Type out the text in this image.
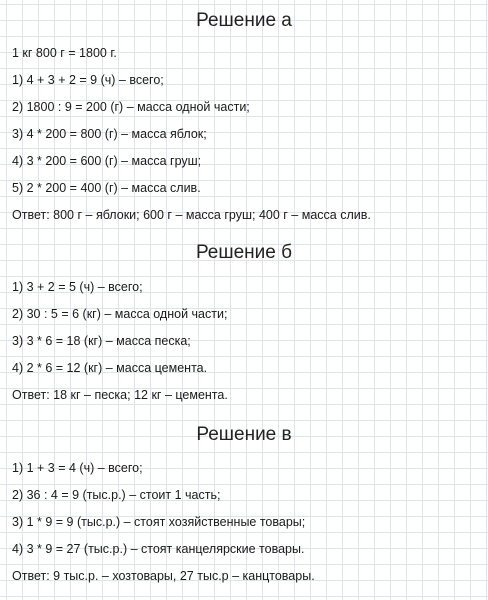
Решение а

1 кг 800 г = 1800 г.

1) 4 + 3 + 2 = 9 (ч) – всего;

2) 1800 : 9 = 200 (г) – масса одной части;

3) 4 * 200 = 800 (г) – масса яблок;

4) 3 * 200 = 600 (г) – масса груш;

5) 2 * 200 = 400 (г) – масса слив.

Ответ: 800 г – яблоки; 600 г – масса груш; 400 г – масса слив.

Решение б

1) 3 + 2 = 5 (ч) – всего;

2) 30 : 5 = 6 (кг) – масса одной части;

3) 3 * 6 = 18 (кг) – масса песка;

4) 2 * 6 = 12 (кг) – масса цемента.

Ответ: 18 кг – песка; 12 кг – цемента.

Решение в

1) 1 + 3 = 4 (ч) – всего;

2) 36 : 4 = 9 (тыс.р.) – стоит 1 часть;

3) 1 * 9 = 9 (тыс.р.) – стоят хозяйственные товары;

4) 3 * 9 = 27 (тыс.р.) – стоят канцелярские товары.

Ответ: 9 тыс.р. – хозтовары, 27 тыс.р – канцтовары.
